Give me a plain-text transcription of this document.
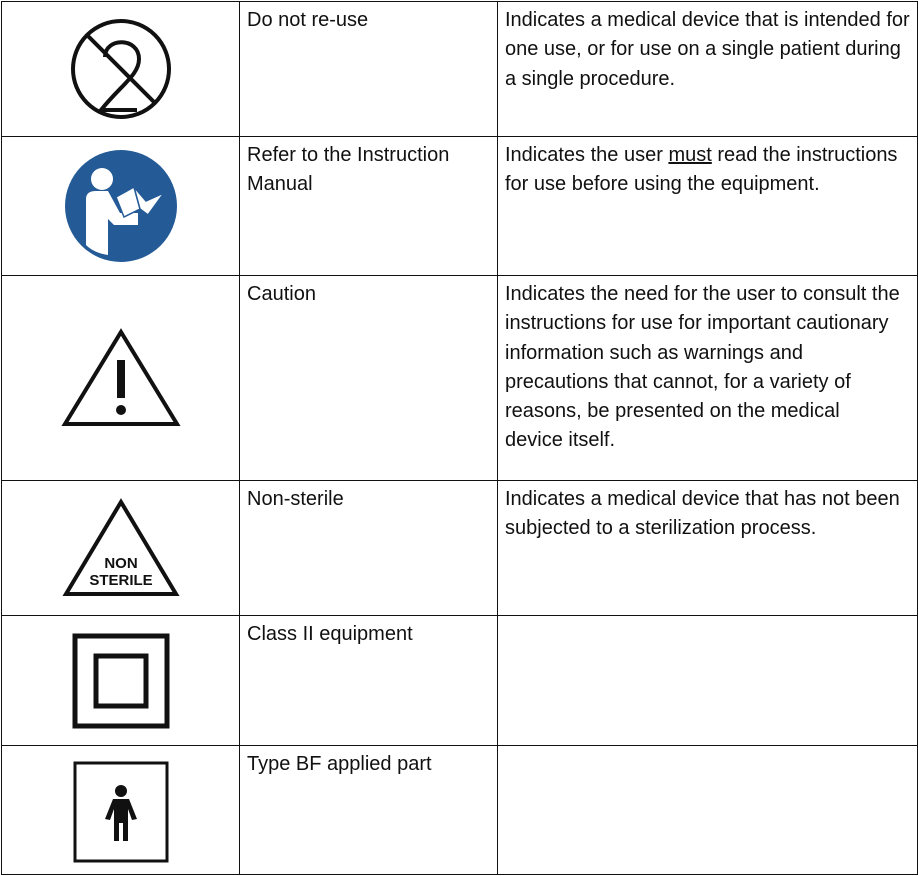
	Do not re-use	Indicates a medical device that is intended for one use, or for use on a single patient during a single procedure.

	Refer to the Instruction Manual	Indicates the user must read the instructions for use before using the equipment.

	Caution	Indicates the need for the user to consult the instructions for use for important cautionary information such as warnings and precautions that cannot, for a variety of reasons, be presented on the medical
device itself.

NON
STERILE	Non-sterile	Indicates a medical device that has not been subjected to a sterilization process.

	Class II equipment	

	Type BF applied part	
